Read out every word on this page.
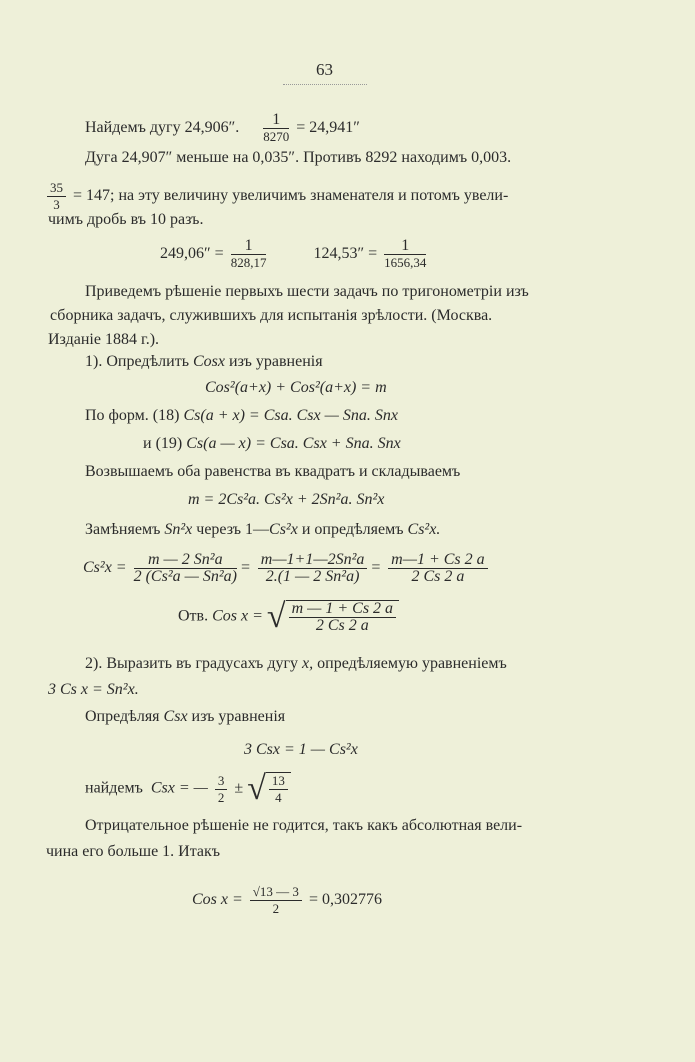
63
Найдемъ дугу 24,906″. $\frac{1}{8270} = 24,941''$
Дуга 24,907″ меньше на 0,035″. Противъ 8292 находимъ 0,003.
$\frac{35}{3} = 147$; на эту величину увеличимъ знаменателя и потомъ увели-
чимъ дробь въ 10 разъ.
$249,06'' = \frac{1}{828,17}$	$124,53'' = \frac{1}{1656,34}$
Приведемъ рѣшеніе первыхъ шести задачъ по тригонометріи изъ
сборника задачъ, служившихъ для испытанія зрѣлости. (Москва.
Изданіе 1884 г.).
1). Опредѣлить Cosx изъ уравненія
Cos²(a+x) + Cos²(a+x) = m
По форм. (18) Cs(a + x) = Csa. Csx — Sna. Snx
и (19) Cs(a — x) = Csa. Csx + Sna. Snx
Возвышаемъ оба равенства въ квадратъ и складываемъ
m = 2Cs²a. Cs²x + 2Sn²a. Sn²x
Замѣняемъ Sn²x черезъ 1—Cs²x и опредѣляемъ Cs²x.
$Cs^2x = \frac{\text{m — 2 Sn²a}}{\text{2 (Cs²a — Sn²a)}} = \frac{\text{m—1+1—2Sn²a}}{\text{2.(1 — 2 Sn²a)}} = \frac{m—1 + Cs 2 a}{2 Cs 2 a}$
Отв. Cos x = √ $\frac{m — 1 + Cs 2 a}{2 Cs 2 a}$
2). Выразить въ градусахъ дугу x, опредѣляемую уравненіемъ
3 Cs x = Sn²x.
Опредѣляя Csx изъ уравненія
3 Csx = 1 — Cs²x
найдемъ Csx = — $\frac{3}{2}$ ± √ $\frac{13}{4}$
Отрицательное рѣшеніе не годится, такъ какъ абсолютная вели-
чина его больше 1. Итакъ
Cos $x = \frac{√13 — 3}{2} = 0,302776$
